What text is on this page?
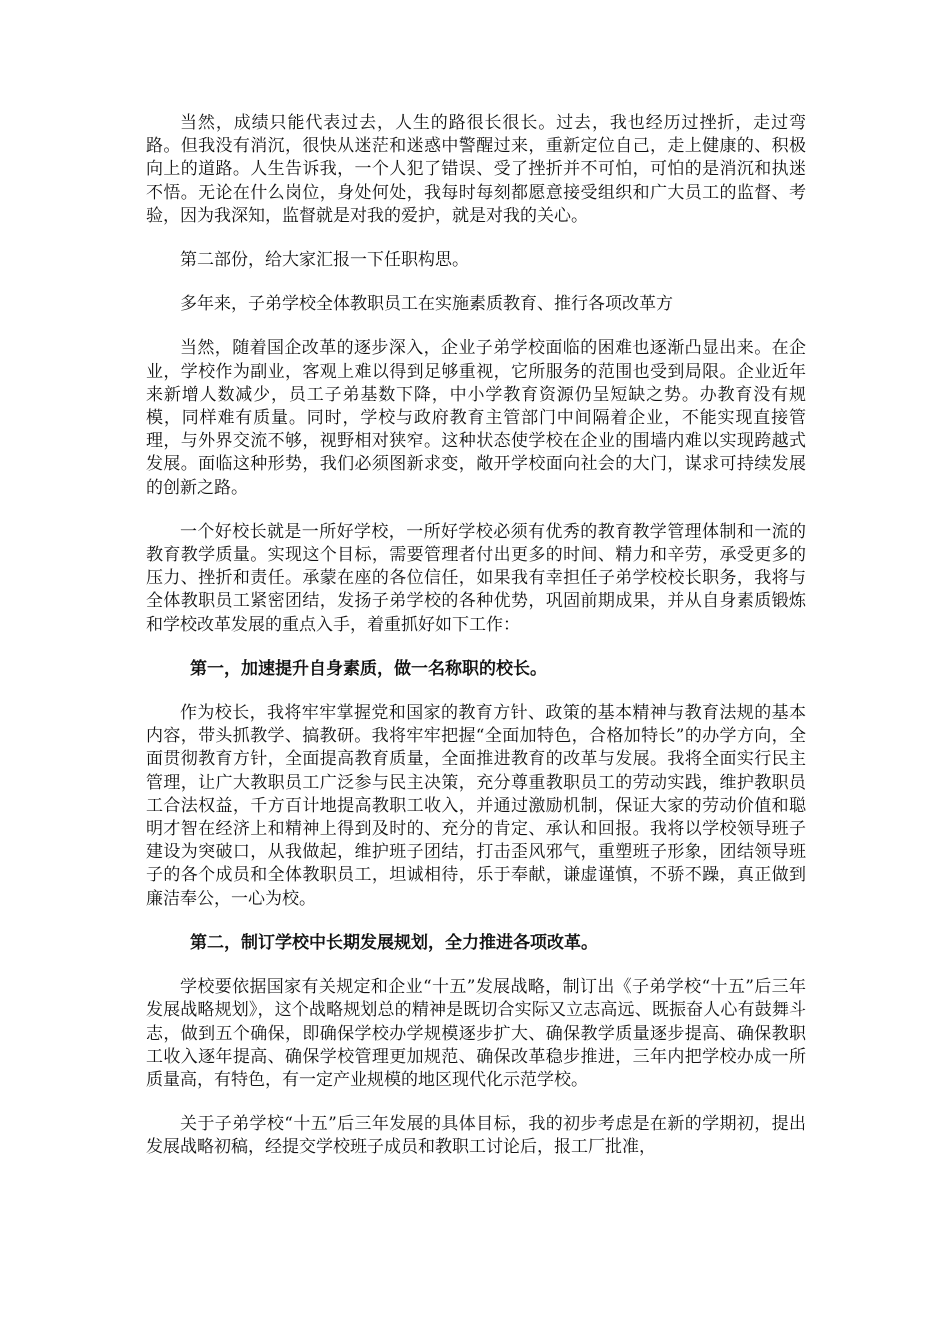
当然，成绩只能代表过去，人生的路很长很长。过去，我也经历过挫折，走过弯路。但我没有消沉，很快从迷茫和迷惑中警醒过来，重新定位自己，走上健康的、积极向上的道路。人生告诉我，一个人犯了错误、受了挫折并不可怕，可怕的是消沉和执迷不悟。无论在什么岗位，身处何处，我每时每刻都愿意接受组织和广大员工的监督、考验，因为我深知，监督就是对我的爱护，就是对我的关心。

第二部份，给大家汇报一下任职构思。

多年来，子弟学校全体教职员工在实施素质教育、推行各项改革方

当然，随着国企改革的逐步深入，企业子弟学校面临的困难也逐渐凸显出来。在企业，学校作为副业，客观上难以得到足够重视，它所服务的范围也受到局限。企业近年来新增人数减少，员工子弟基数下降，中小学教育资源仍呈短缺之势。办教育没有规模，同样难有质量。同时，学校与政府教育主管部门中间隔着企业，不能实现直接管理，与外界交流不够，视野相对狭窄。这种状态使学校在企业的围墙内难以实现跨越式发展。面临这种形势，我们必须图新求变，敞开学校面向社会的大门，谋求可持续发展的创新之路。

一个好校长就是一所好学校，一所好学校必须有优秀的教育教学管理体制和一流的教育教学质量。实现这个目标，需要管理者付出更多的时间、精力和辛劳，承受更多的压力、挫折和责任。承蒙在座的各位信任，如果我有幸担任子弟学校校长职务，我将与全体教职员工紧密团结，发扬子弟学校的各种优势，巩固前期成果，并从自身素质锻炼和学校改革发展的重点入手，着重抓好如下工作：

第一，加速提升自身素质，做一名称职的校长。

作为校长，我将牢牢掌握党和国家的教育方针、政策的基本精神与教育法规的基本内容，带头抓教学、搞教研。我将牢牢把握“全面加特色，合格加特长”的办学方向，全面贯彻教育方针，全面提高教育质量，全面推进教育的改革与发展。我将全面实行民主管理，让广大教职员工广泛参与民主决策，充分尊重教职员工的劳动实践，维护教职员工合法权益，千方百计地提高教职工收入，并通过激励机制，保证大家的劳动价值和聪明才智在经济上和精神上得到及时的、充分的肯定、承认和回报。我将以学校领导班子建设为突破口，从我做起，维护班子团结，打击歪风邪气，重塑班子形象，团结领导班子的各个成员和全体教职员工，坦诚相待，乐于奉献，谦虚谨慎，不骄不躁，真正做到廉洁奉公，一心为校。

第二，制订学校中长期发展规划，全力推进各项改革。

学校要依据国家有关规定和企业“十五”发展战略，制订出《子弟学校“十五”后三年发展战略规划》，这个战略规划总的精神是既切合实际又立志高远、既振奋人心有鼓舞斗志，做到五个确保，即确保学校办学规模逐步扩大、确保教学质量逐步提高、确保教职工收入逐年提高、确保学校管理更加规范、确保改革稳步推进，三年内把学校办成一所质量高，有特色，有一定产业规模的地区现代化示范学校。

关于子弟学校“十五”后三年发展的具体目标，我的初步考虑是在新的学期初，提出发展战略初稿，经提交学校班子成员和教职工讨论后，报工厂批准，
